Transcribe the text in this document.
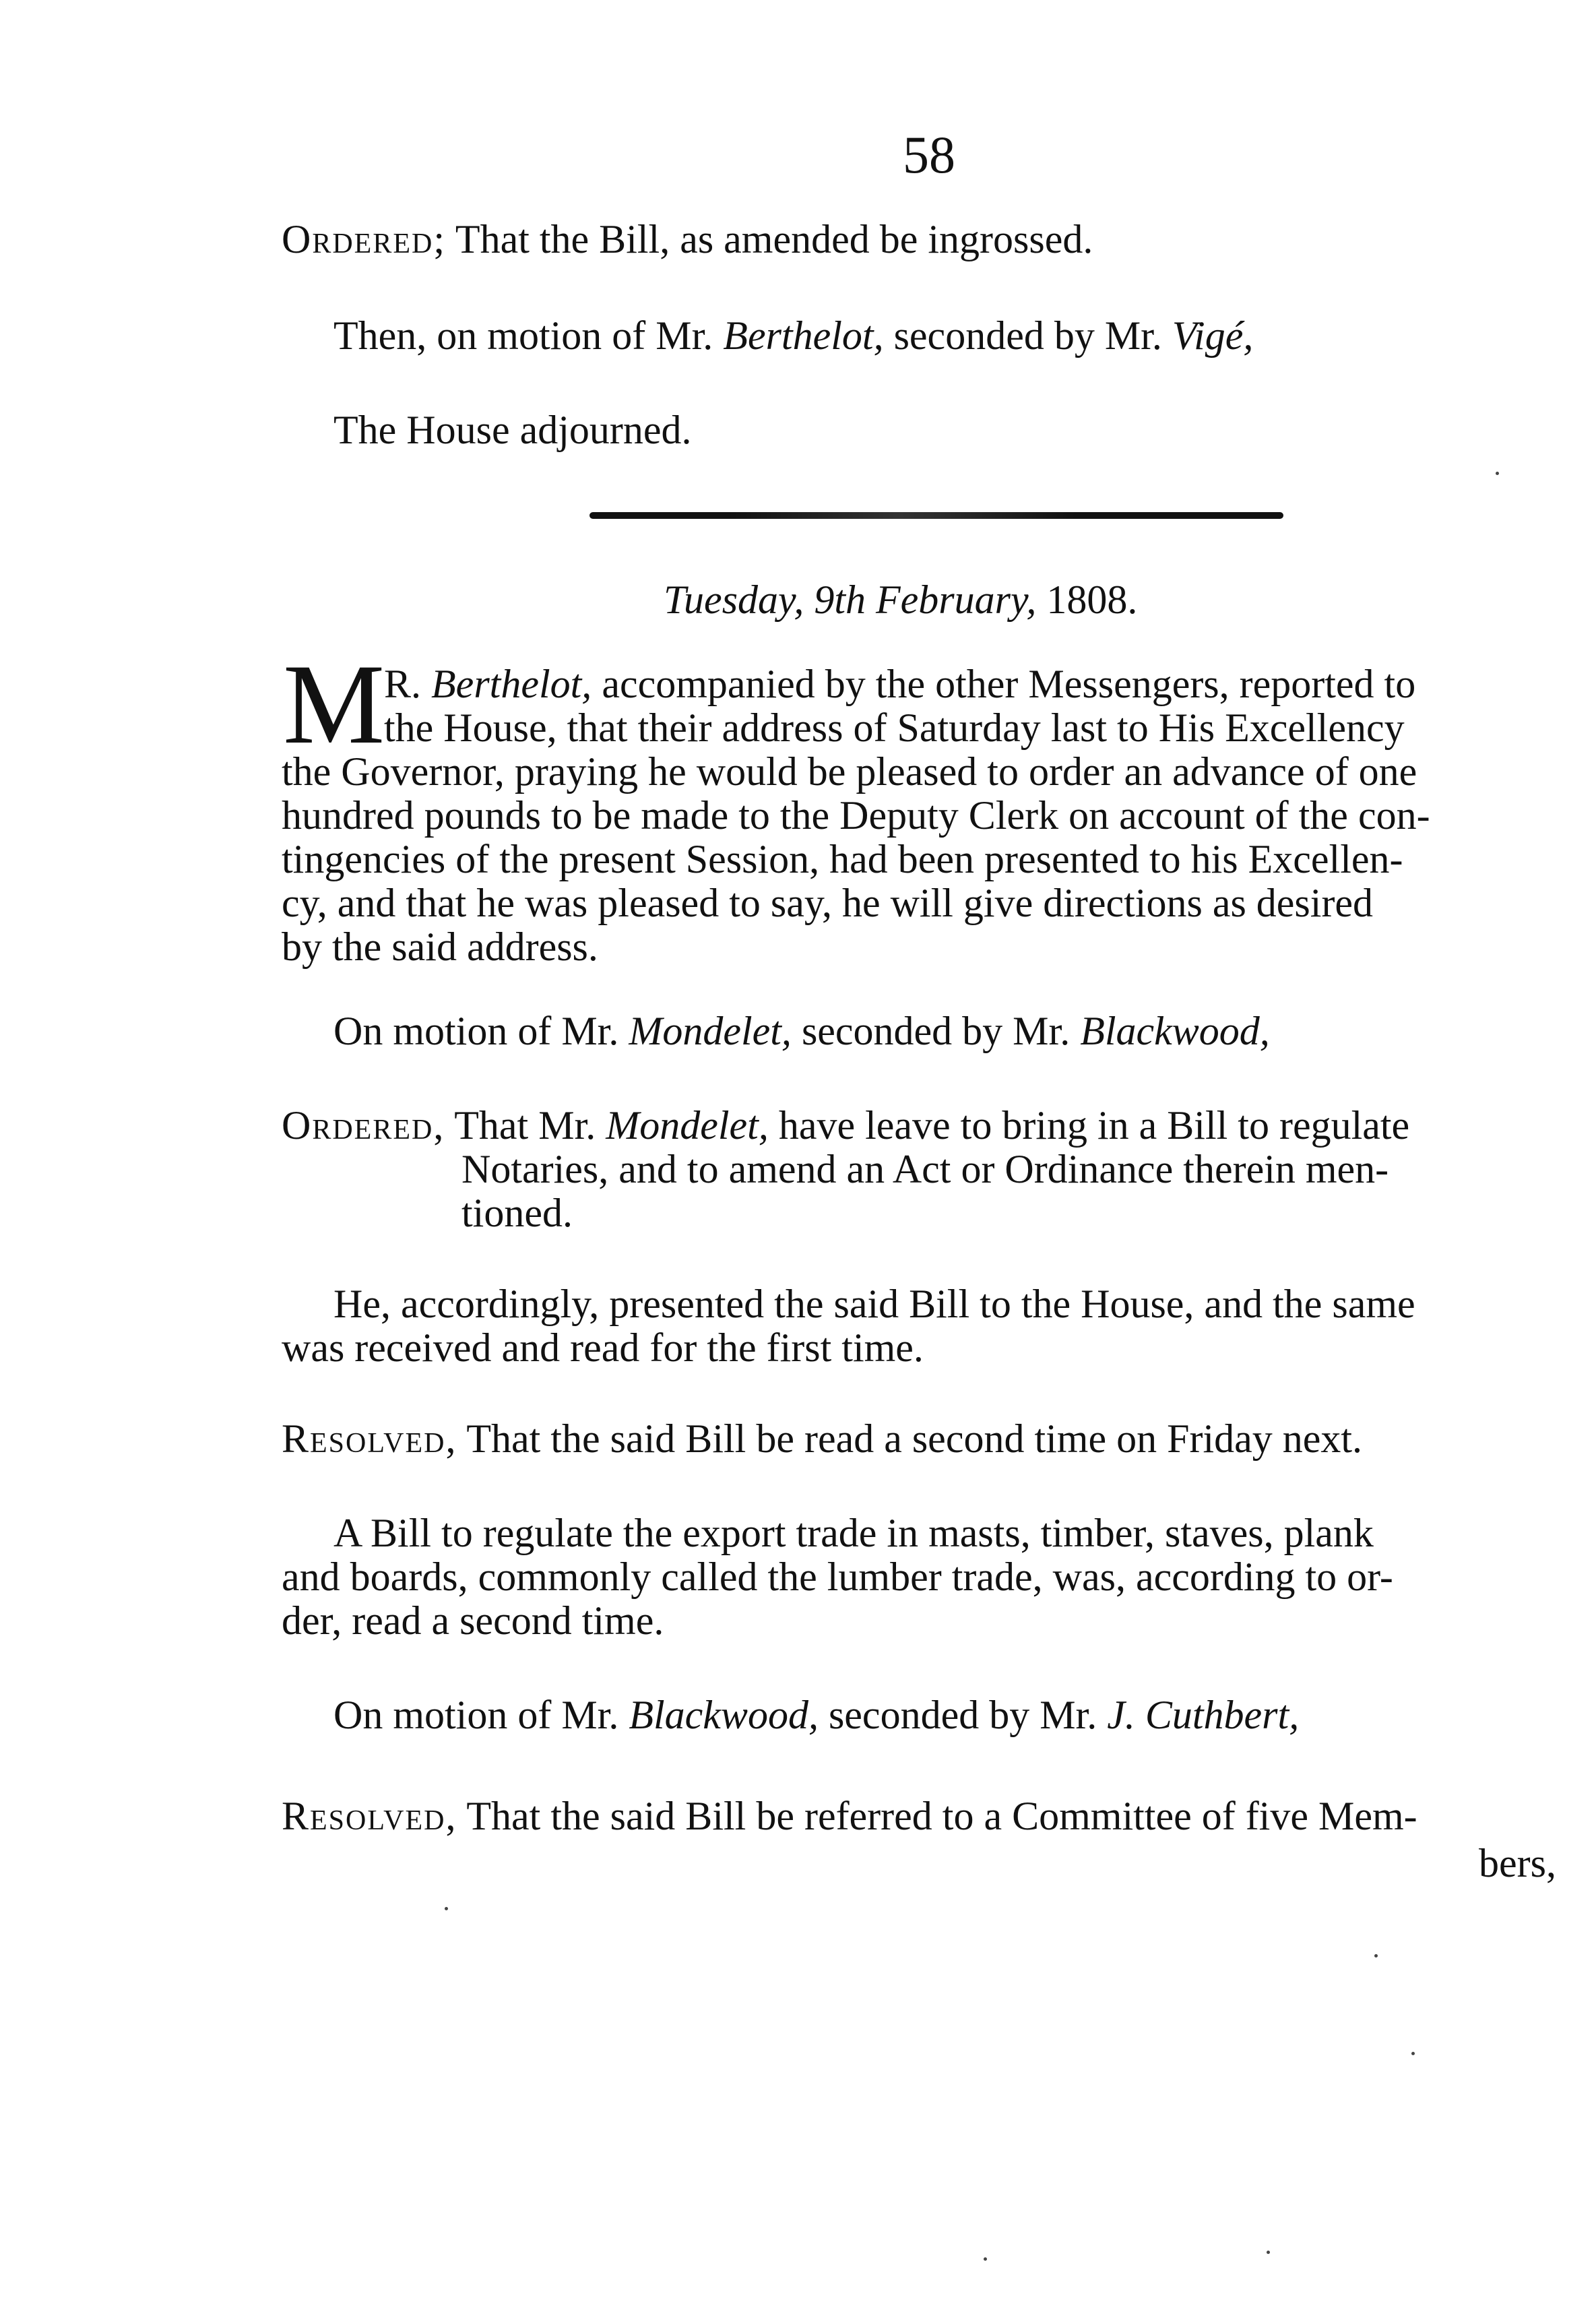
58
Ordered; That the Bill, as amended be ingrossed.
Then, on motion of Mr. Berthelot, seconded by Mr. Vigé,
The House adjourned.
Tuesday, 9th February, 1808.
M
R. Berthelot, accompanied by the other Messengers, reported to
the House, that their address of Saturday last to His Excellency
the Governor, praying he would be pleased to order an advance of one
hundred pounds to be made to the Deputy Clerk on account of the con-
tingencies of the present Session, had been presented to his Excellen-
cy, and that he was pleased to say, he will give directions as desired
by the said address.
On motion of Mr. Mondelet, seconded by Mr. Blackwood,
Ordered, That Mr. Mondelet, have leave to bring in a Bill to regulate
Notaries, and to amend an Act or Ordinance therein men-
tioned.
He, accordingly, presented the said Bill to the House, and the same
was received and read for the first time.
Resolved, That the said Bill be read a second time on Friday next.
A Bill to regulate the export trade in masts, timber, staves, plank
and boards, commonly called the lumber trade, was, according to or-
der, read a second time.
On motion of Mr. Blackwood, seconded by Mr. J. Cuthbert,
Resolved, That the said Bill be referred to a Committee of five Mem-
bers,
